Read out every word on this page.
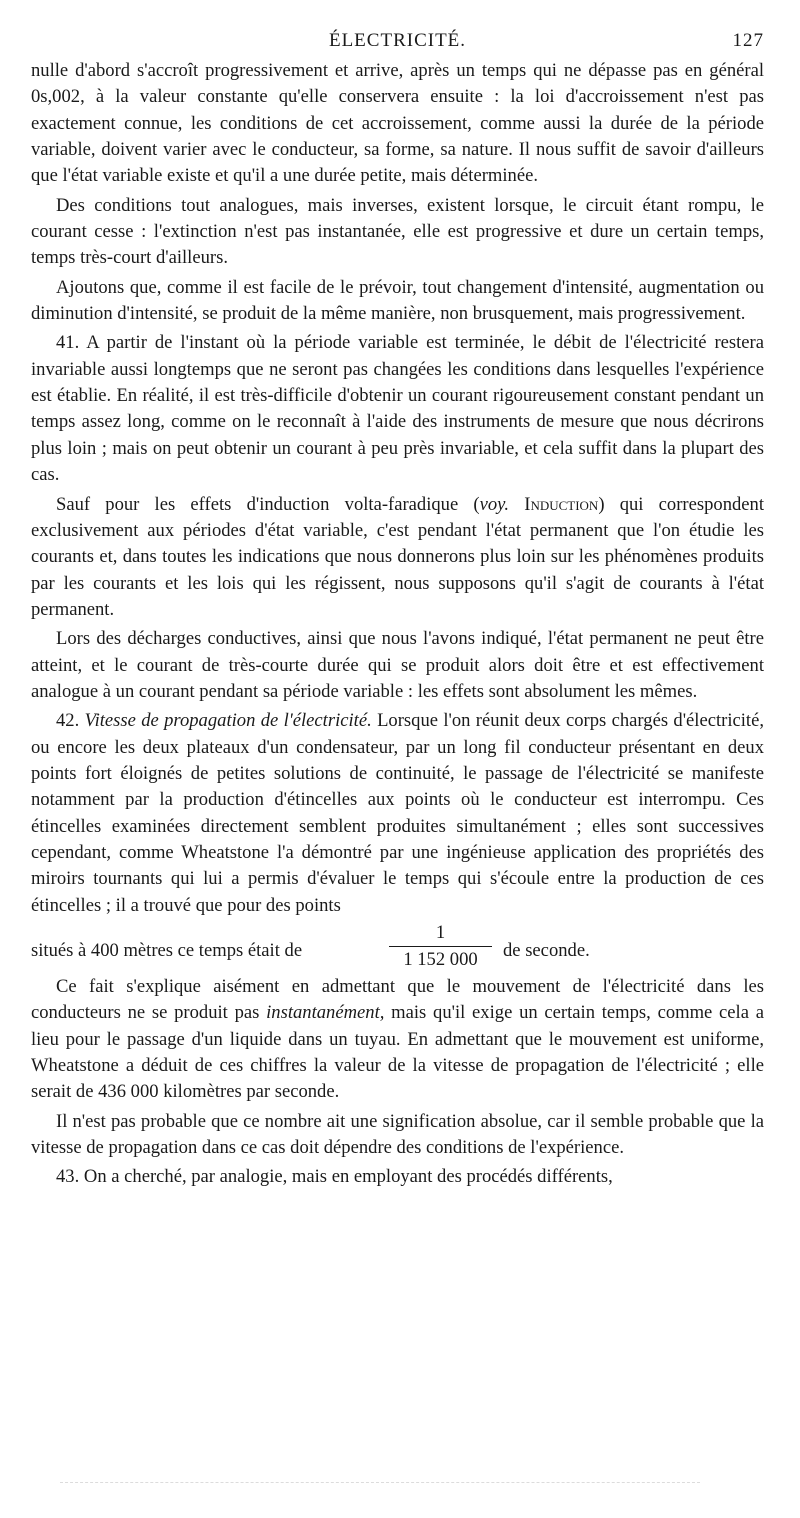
ÉLECTRICITÉ.	127

nulle d'abord s'accroît progressivement et arrive, après un temps qui ne dépasse pas en général 0s,002, à la valeur constante qu'elle conservera ensuite : la loi d'accroissement n'est pas exactement connue, les conditions de cet accroissement, comme aussi la durée de la période variable, doivent varier avec le conducteur, sa forme, sa nature. Il nous suffit de savoir d'ailleurs que l'état variable existe et qu'il a une durée petite, mais déterminée.

Des conditions tout analogues, mais inverses, existent lorsque, le circuit étant rompu, le courant cesse : l'extinction n'est pas instantanée, elle est progressive et dure un certain temps, temps très-court d'ailleurs.

Ajoutons que, comme il est facile de le prévoir, tout changement d'intensité, augmentation ou diminution d'intensité, se produit de la même manière, non brusquement, mais progressivement.

41. A partir de l'instant où la période variable est terminée, le débit de l'électricité restera invariable aussi longtemps que ne seront pas changées les conditions dans lesquelles l'expérience est établie. En réalité, il est très-difficile d'obtenir un courant rigoureusement constant pendant un temps assez long, comme on le reconnaît à l'aide des instruments de mesure que nous décrirons plus loin ; mais on peut obtenir un courant à peu près invariable, et cela suffit dans la plupart des cas.

Sauf pour les effets d'induction volta-faradique (voy. Induction) qui correspondent exclusivement aux périodes d'état variable, c'est pendant l'état permanent que l'on étudie les courants et, dans toutes les indications que nous donnerons plus loin sur les phénomènes produits par les courants et les lois qui les régissent, nous supposons qu'il s'agit de courants à l'état permanent.

Lors des décharges conductives, ainsi que nous l'avons indiqué, l'état permanent ne peut être atteint, et le courant de très-courte durée qui se produit alors doit être et est effectivement analogue à un courant pendant sa période variable : les effets sont absolument les mêmes.

42. Vitesse de propagation de l'électricité. Lorsque l'on réunit deux corps chargés d'électricité, ou encore les deux plateaux d'un condensateur, par un long fil conducteur présentant en deux points fort éloignés de petites solutions de continuité, le passage de l'électricité se manifeste notamment par la production d'étincelles aux points où le conducteur est interrompu. Ces étincelles examinées directement semblent produites simultanément ; elles sont successives cependant, comme Wheatstone l'a démontré par une ingénieuse application des propriétés des miroirs tournants qui lui a permis d'évaluer le temps qui s'écoule entre la production de ces étincelles ; il a trouvé que pour des points

situés à 400 mètres ce temps était de
1
1 152 000	de seconde.

Ce fait s'explique aisément en admettant que le mouvement de l'électricité dans les conducteurs ne se produit pas instantanément, mais qu'il exige un certain temps, comme cela a lieu pour le passage d'un liquide dans un tuyau. En admettant que le mouvement est uniforme, Wheatstone a déduit de ces chiffres la valeur de la vitesse de propagation de l'électricité ; elle serait de 436 000 kilomètres par seconde.

Il n'est pas probable que ce nombre ait une signification absolue, car il semble probable que la vitesse de propagation dans ce cas doit dépendre des conditions de l'expérience.

43. On a cherché, par analogie, mais en employant des procédés différents,
